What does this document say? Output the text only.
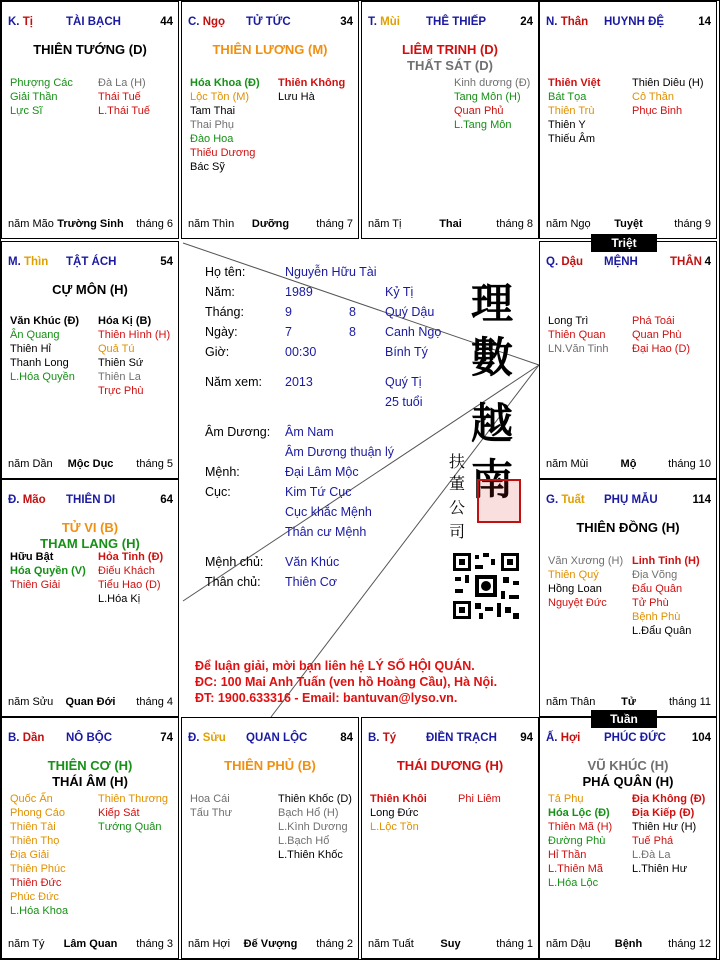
K. Tị	TÀI BẠCH	44
THIÊN TƯỚNG (D)
Phượng Các
Giải Thần
Lực Sĩ
Đà La (H)
Thái Tuế
L.Thái Tuế
năm Mão Trường Sinh	tháng 6
C. Ngọ TỬ TỨC	34
THIÊN LƯƠNG (M)
Hóa Khoa (Đ)
Lộc Tồn (M)
Tam Thai
Thai Phụ
Đào Hoa
Thiếu Dương
Bác Sỹ
Thiên Không
Lưu Hà
năm Thìn	Dưỡng	tháng 7
T. Mùi THÊ THIẾP	24
LIÊM TRINH (D)
THẤT SÁT (D)
Kinh dương (Đ)
Tang Môn (H)
Quan Phủ
L.Tang Môn
năm Tị	Thai	tháng 8
N. Thân HUYNH ĐỆ	14
Thiên Việt
Bát Tọa
Thiên Trù
Thiên Y
Thiếu Âm
Thiên Diêu (H)
Cô Thần
Phục Binh
năm Ngọ	Tuyệt	tháng 9
M. Thìn TẬT ÁCH	54
CỰ MÔN (H)
Văn Khúc (Đ)
Ân Quang
Thiên Hỉ
Thanh Long
L.Hóa Quyền
Hóa Kị (B)
Thiên Hình (H)
Quả Tú
Thiên Sứ
Thiên La
Trực Phù
năm Dần	Mộc Dục	tháng 5
Q. Dậu MỆNH	THÂN 4
Long Trì
Thiên Quan
LN.Văn Tinh
Phá Toái
Quan Phù
Đại Hao (D)
năm Mùi	Mộ	tháng 10
Đ. Mão THIÊN DI	64
TỬ VI (B)
THAM LANG (H)
Hữu Bật
Hóa Quyền (V)
Thiên Giải
Hỏa Tinh (Đ)
Điếu Khách
Tiểu Hao (D)
L.Hóa Kị
năm Sửu	Quan Đới	tháng 4
G. Tuất PHỤ MẪU	114
THIÊN ĐỒNG (H)
Văn Xương (H)
Thiên Quý
Hồng Loan
Nguyệt Đức
Linh Tinh (H)
Địa Võng
Đẩu Quân
Tử Phù
Bệnh Phù
L.Đẩu Quân
năm Thân	Tử	tháng 11
B. Dần NÔ BỘC	74
THIÊN CƠ (H)
THÁI ÂM (H)
Quốc Ấn
Phong Cáo
Thiên Tài
Thiên Thọ
Địa Giải
Thiên Phúc
Thiên Đức
Phúc Đức
L.Hóa Khoa
Thiên Thương
Kiếp Sát
Tướng Quân
năm Tý	Lâm Quan	tháng 3
Đ. Sửu QUAN LỘC	84
THIÊN PHỦ (B)
Hoa Cái
Tấu Thư
Thiên Khốc (D)
Bạch Hổ (H)
L.Kình Dương
L.Bạch Hổ
L.Thiên Khốc
năm Hợi	Đế Vượng	tháng 2
B. Tý	ĐIỀN TRẠCH 94
THÁI DƯƠNG (H)
Thiên Khôi
Long Đức
L.Lộc Tồn
Phi Liêm
năm Tuất	Suy	tháng 1
Ấ. Hợi PHÚC ĐỨC 104
VŨ KHÚC (H)
PHÁ QUÂN (H)
Tả Phụ
Hóa Lộc (Đ)
Thiên Mã (H)
Đường Phù
Hỉ Thần
L.Thiên Mã
L.Hóa Lộc
Địa Không (Đ)
Địa Kiếp (Đ)
Thiên Hư (H)
Tuế Phá
L.Đà La
L.Thiên Hư
năm Dậu	Bệnh	tháng 12
Triệt
Tuần
Họ tên:	Nguyễn Hữu Tài
Năm:	1989	Kỷ Tị
Tháng:	9	8 Quý Dậu
Ngày:	7	8 Canh Ngọ
Giờ:	00:30	Bính Tý
Năm xem: 2013	Quý Tị
25 tuổi
Âm Dương: Âm Nam
Âm Dương thuận lý
Mệnh:	Đại Lâm Mộc
Cục:	Kim Tứ Cục
Cục khắc Mệnh
Thân cư Mệnh
Mệnh chủ: Văn Khúc
Thân chủ: Thiên Cơ
理
數
越
南
扶
董
公
司
Để luận giải, mời bạn liên hệ LÝ SỐ HỘI QUÁN.
ĐC: 100 Mai Anh Tuấn (ven hồ Hoàng Cầu), Hà Nội.
ĐT: 1900.633316 - Email: bantuvan@lyso.vn.
